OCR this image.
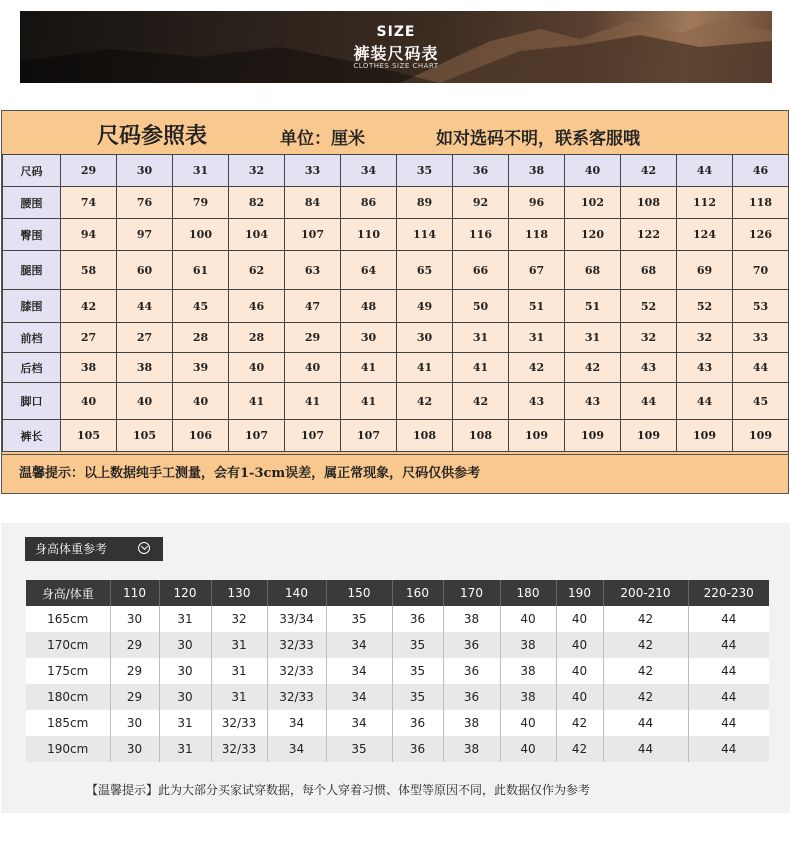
SIZE
裤装尺码表
CLOTHES SIZE CHART
尺码参照表	单位：厘米	如对选码不明，联系客服哦
尺码	29	30	31	32	33	34	35	36	38	40	42	44	46
腰围	74	76	79	82	84	86	89	92	96	102	108	112	118
臀围	94	97	100	104	107	110	114	116	118	120	122	124	126
腿围	58	60	61	62	63	64	65	66	67	68	68	69	70
膝围	42	44	45	46	47	48	49	50	51	51	52	52	53
前档	27	27	28	28	29	30	30	31	31	31	32	32	33
后档	38	38	39	40	40	41	41	41	42	42	43	43	44
脚口	40	40	40	41	41	41	42	42	43	43	44	44	45
裤长	105	105	106	107	107	107	108	108	109	109	109	109	109
温馨提示：以上数据纯手工测量，会有1-3cm误差，属正常现象，尺码仅供参考
身高体重参考
身高/体重	110	120	130	140	150	160	170	180	190	200-210	220-230
165cm	30	31	32	33/34	35	36	38	40	40	42	44
170cm	29	30	31	32/33	34	35	36	38	40	42	44
175cm	29	30	31	32/33	34	35	36	38	40	42	44
180cm	29	30	31	32/33	34	35	36	38	40	42	44
185cm	30	31	32/33	34	34	36	38	40	42	44	44
190cm	30	31	32/33	34	35	36	38	40	42	44	44
【温馨提示】此为大部分买家试穿数据，每个人穿着习惯、体型等原因不同，此数据仅作为参考
